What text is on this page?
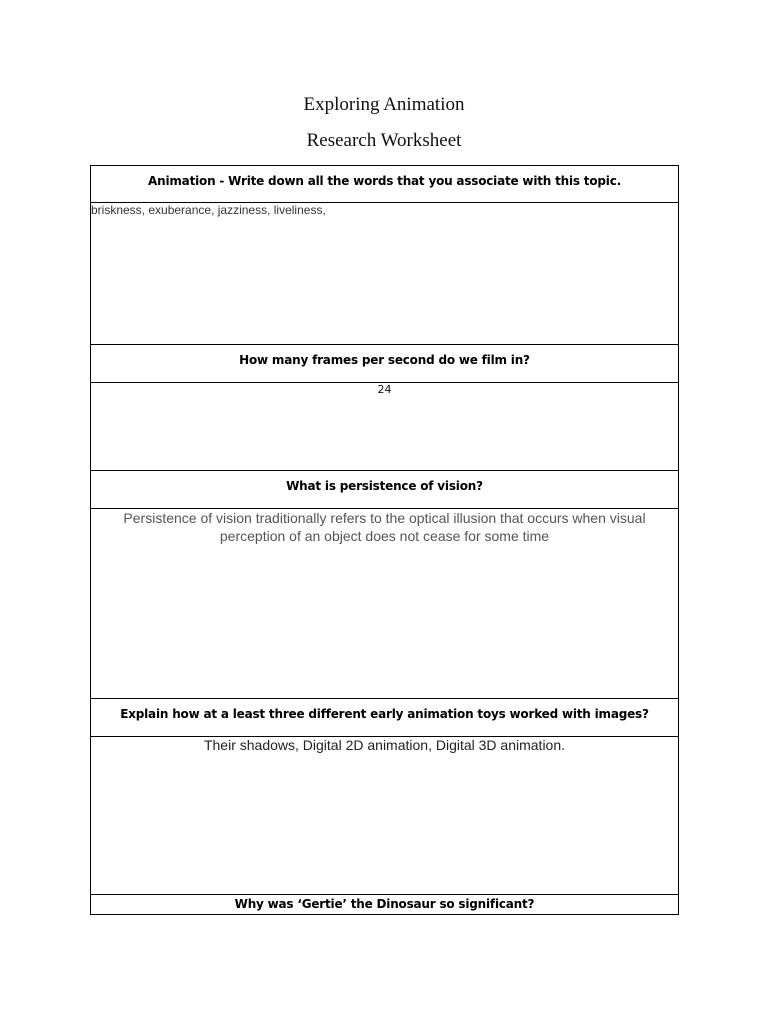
Exploring Animation
Research Worksheet
Animation - Write down all the words that you associate with this topic.
briskness, exuberance, jazziness, liveliness,
How many frames per second do we film in?
24
What is persistence of vision?
Persistence of vision traditionally refers to the optical illusion that occurs when visual perception of an object does not cease for some time
Explain how at a least three different early animation toys worked with images?
Their shadows, Digital 2D animation, Digital 3D animation.
Why was ‘Gertie’ the Dinosaur so significant?
